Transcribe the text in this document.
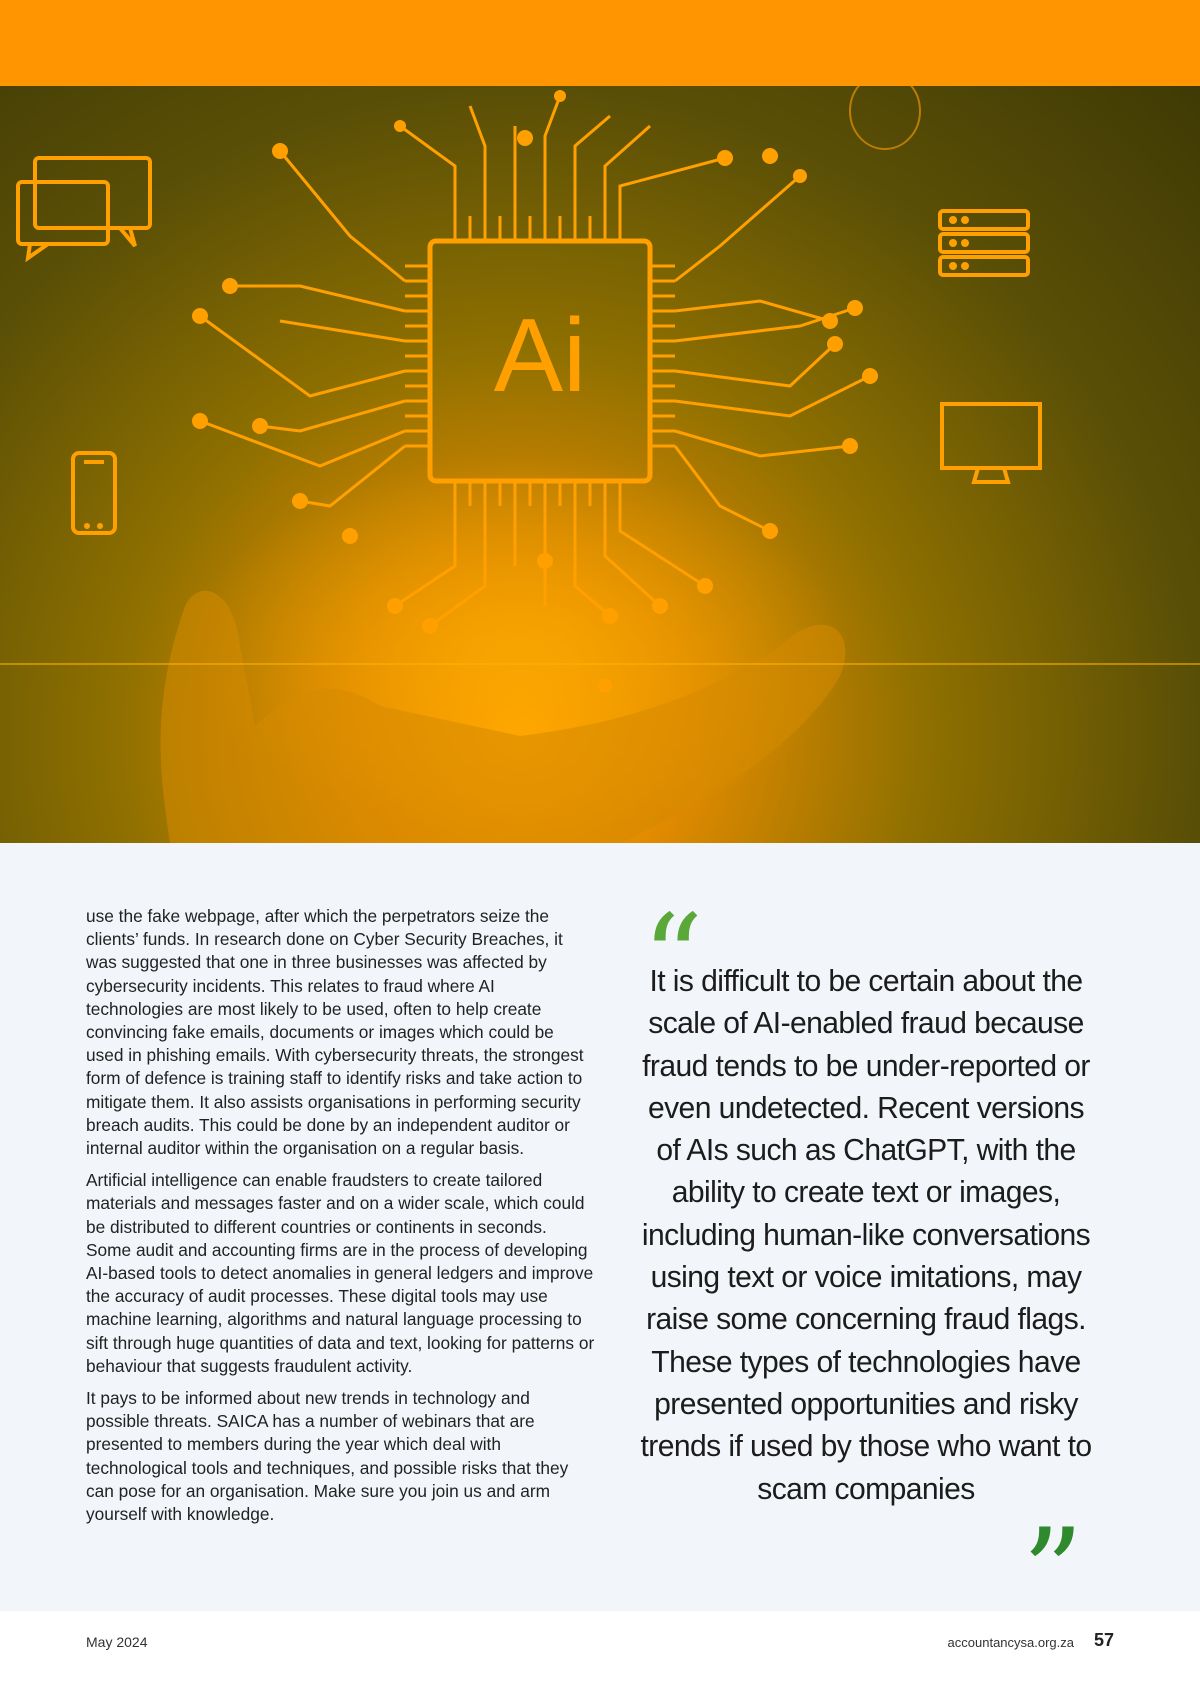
Ai

use the fake webpage, after which the perpetrators seize the clients’ funds. In research done on Cyber Security Breaches, it was suggested that one in three businesses was affected by cybersecurity incidents. This relates to fraud where AI technologies are most likely to be used, often to help create convincing fake emails, documents or images which could be used in phishing emails. With cybersecurity threats, the strongest form of defence is training staff to identify risks and take action to mitigate them. It also assists organisations in performing security breach audits. This could be done by an independent auditor or internal auditor within the organisation on a regular basis.

Artificial intelligence can enable fraudsters to create tailored materials and messages faster and on a wider scale, which could be distributed to different countries or continents in seconds. Some audit and accounting firms are in the process of developing AI-based tools to detect anomalies in general ledgers and improve the accuracy of audit processes. These digital tools may use machine learning, algorithms and natural language processing to sift through huge quantities of data and text, looking for patterns or behaviour that suggests fraudulent activity.

It pays to be informed about new trends in technology and possible threats. SAICA has a number of webinars that are presented to members during the year which deal with technological tools and techniques, and possible risks that they can pose for an organisation. Make sure you join us and arm yourself with knowledge.

“
It is difficult to be certain about the scale of AI-enabled fraud because fraud tends to be under-reported or even undetected. Recent versions of AIs such as ChatGPT, with the ability to create text or images, including human-like conversations using text or voice imitations, may raise some concerning fraud flags. These types of technologies have presented opportunities and risky trends if used by those who want to scam companies
”
May 2024	accountancysa.org.za 57
